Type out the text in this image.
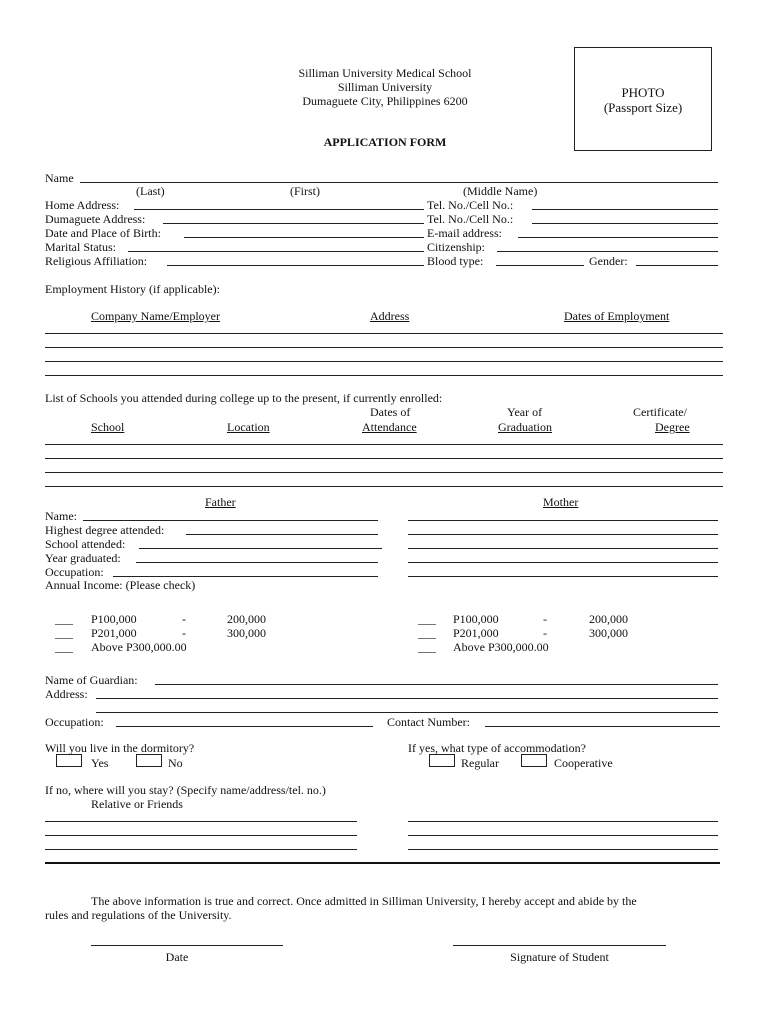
Silliman University Medical School
Silliman University
Dumaguete City, Philippines 6200
APPLICATION FORM
PHOTO
(Passport Size)
Name
(Last)	(First)	(Middle Name)
Home Address:	Tel. No./Cell No.:
Dumaguete Address:	Tel. No./Cell No.:
Date and Place of Birth:	E-mail address:
Marital Status:	Citizenship:
Religious Affiliation:	Blood type:	Gender:
Employment History (if applicable):
Company Name/Employer	Address	Dates of Employment
List of Schools you attended during college up to the present, if currently enrolled:
Dates of	Year of	Certificate/
School	Location	Attendance	Graduation	Degree
Father	Mother
Name:
Highest degree attended:
School attended:
Year graduated:
Occupation:
Annual Income: (Please check)
___ P100,000	-	200,000
___ P201,000	-	300,000
___ Above P300,000.00
___ P100,000	-	200,000
___ P201,000	-	300,000
___ Above P300,000.00
Name of Guardian:
Address:
Occupation:	Contact Number:
Will you live in the dormitory?
Yes	No
If yes, what type of accommodation?
Regular	Cooperative
If no, where will you stay? (Specify name/address/tel. no.)
Relative or Friends
The above information is true and correct. Once admitted in Silliman University, I hereby accept and abide by the
rules and regulations of the University.
Date	Signature of Student
